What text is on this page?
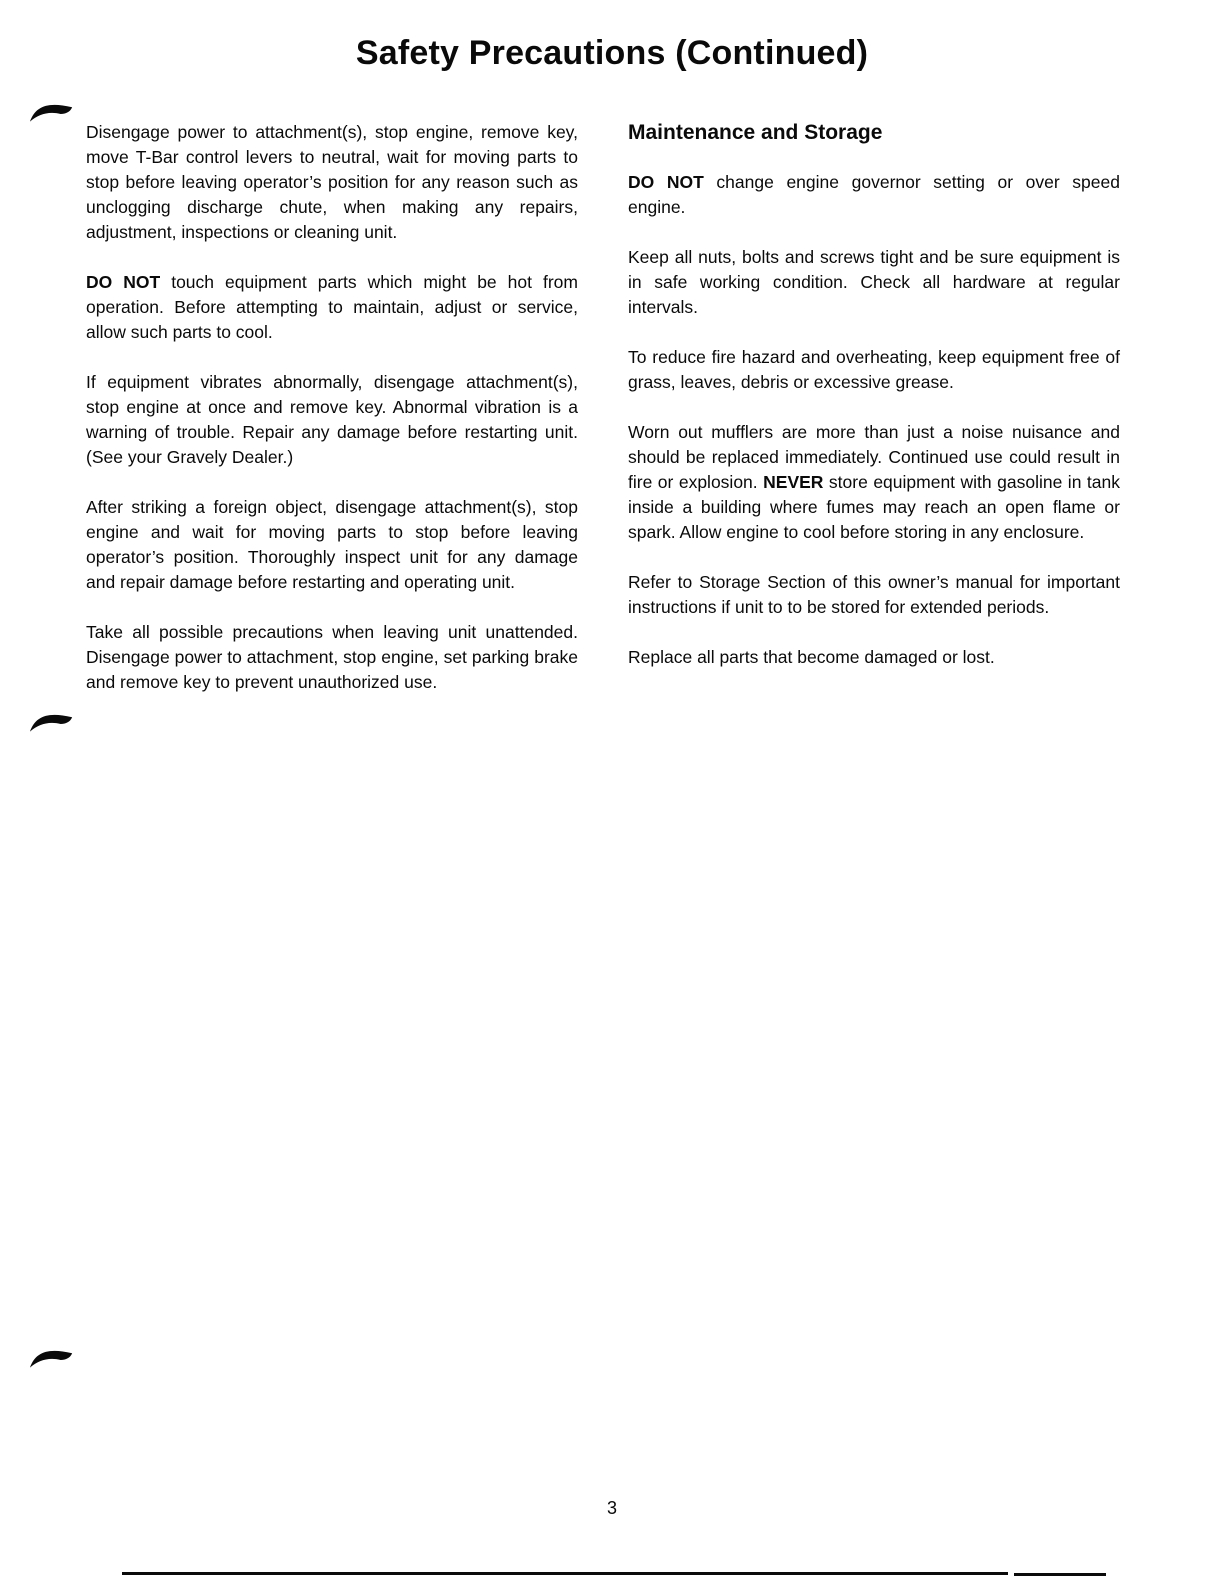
Safety Precautions (Continued)

Disengage power to attachment(s), stop engine, remove key, move T-Bar control levers to neutral, wait for moving parts to stop before leaving operator’s position for any reason such as unclogging discharge chute, when making any repairs, adjustment, inspections or cleaning unit.

DO NOT touch equipment parts which might be hot from operation. Before attempting to maintain, adjust or service, allow such parts to cool.

If equipment vibrates abnormally, disengage attachment(s), stop engine at once and remove key. Abnormal vibration is a warning of trouble. Repair any damage before restarting unit. (See your Gravely Dealer.)

After striking a foreign object, disengage attachment(s), stop engine and wait for moving parts to stop before leaving operator’s position. Thoroughly inspect unit for any damage and repair damage before restarting and operating unit.

Take all possible precautions when leaving unit unattended. Disengage power to attachment, stop engine, set parking brake and remove key to prevent unauthorized use.

Maintenance and Storage

DO NOT change engine governor setting or over speed engine.

Keep all nuts, bolts and screws tight and be sure equipment is in safe working condition. Check all hardware at regular intervals.

To reduce fire hazard and overheating, keep equipment free of grass, leaves, debris or excessive grease.

Worn out mufflers are more than just a noise nuisance and should be replaced immediately. Continued use could result in fire or explosion. NEVER store equipment with gasoline in tank inside a building where fumes may reach an open flame or spark. Allow engine to cool before storing in any enclosure.

Refer to Storage Section of this owner’s manual for important instructions if unit to to be stored for extended periods.

Replace all parts that become damaged or lost.

3
